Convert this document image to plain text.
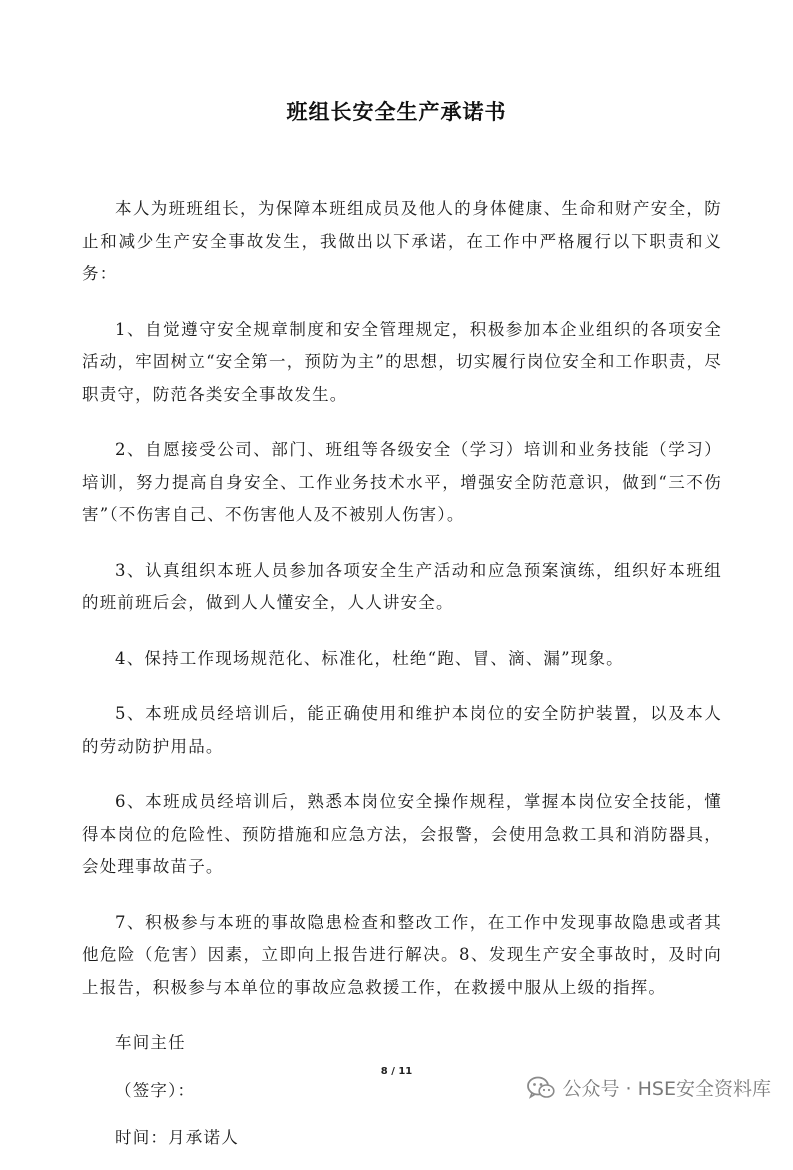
班组长安全生产承诺书

本人为班班组长，为保障本班组成员及他人的身体健康、生命和财产安全，防止和减少生产安全事故发生，我做出以下承诺，在工作中严格履行以下职责和义务：

1、自觉遵守安全规章制度和安全管理规定，积极参加本企业组织的各项安全活动，牢固树立“安全第一，预防为主”的思想，切实履行岗位安全和工作职责，尽职责守，防范各类安全事故发生。

2、自愿接受公司、部门、班组等各级安全（学习）培训和业务技能（学习）培训，努力提高自身安全、工作业务技术水平，增强安全防范意识，做到“三不伤害”（不伤害自己、不伤害他人及不被别人伤害）。

3、认真组织本班人员参加各项安全生产活动和应急预案演练，组织好本班组的班前班后会，做到人人懂安全，人人讲安全。

4、保持工作现场规范化、标准化，杜绝“跑、冒、滴、漏”现象。

5、本班成员经培训后，能正确使用和维护本岗位的安全防护装置，以及本人的劳动防护用品。

6、本班成员经培训后，熟悉本岗位安全操作规程，掌握本岗位安全技能，懂得本岗位的危险性、预防措施和应急方法，会报警，会使用急救工具和消防器具，会处理事故苗子。

7、积极参与本班的事故隐患检查和整改工作，在工作中发现事故隐患或者其他危险（危害）因素，立即向上报告进行解决。8、发现生产安全事故时，及时向上报告，积极参与本单位的事故应急救援工作，在救援中服从上级的指挥。

车间主任

（签字）：

时间：月承诺人

8 / 11
公众号 · HSE安全资料库
